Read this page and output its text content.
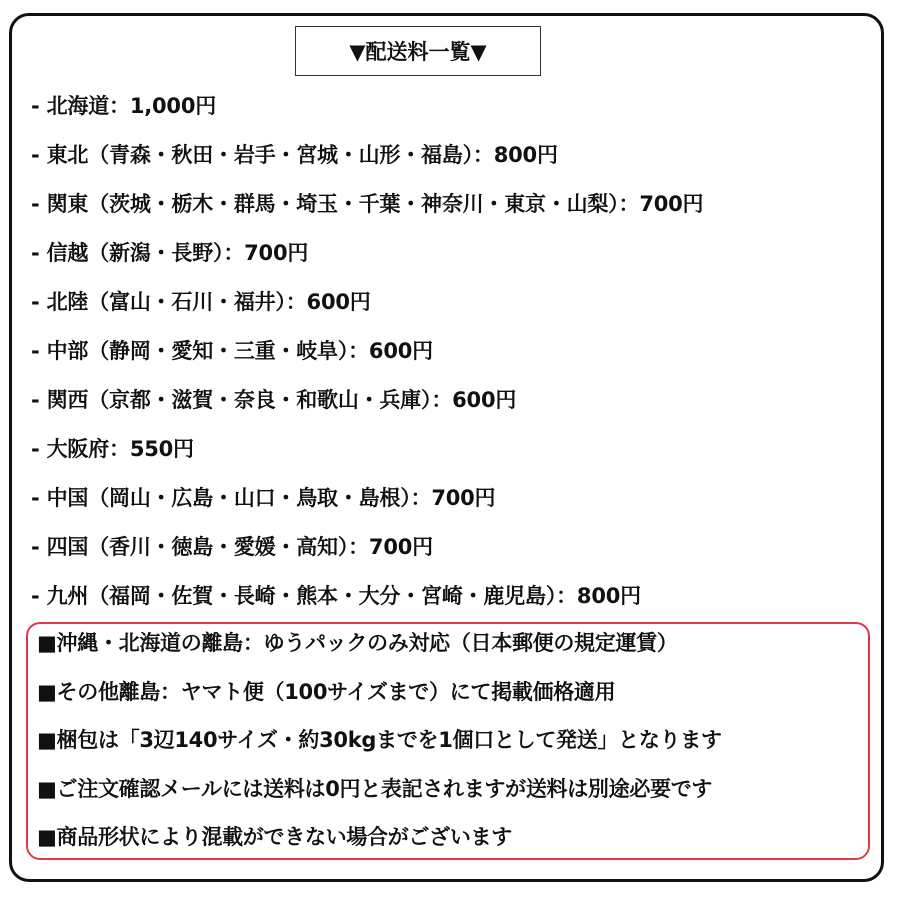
▼配送料一覧▼
- 北海道：1,000円
- 東北（青森・秋田・岩手・宮城・山形・福島）：800円
- 関東（茨城・栃木・群馬・埼玉・千葉・神奈川・東京・山梨）：700円
- 信越（新潟・長野）：700円
- 北陸（富山・石川・福井）：600円
- 中部（静岡・愛知・三重・岐阜）：600円
- 関西（京都・滋賀・奈良・和歌山・兵庫）：600円
- 大阪府：550円
- 中国（岡山・広島・山口・鳥取・島根）：700円
- 四国（香川・徳島・愛媛・高知）：700円
- 九州（福岡・佐賀・長崎・熊本・大分・宮崎・鹿児島）：800円
■沖縄・北海道の離島：ゆうパックのみ対応（日本郵便の規定運賃）
■その他離島：ヤマト便（100サイズまで）にて掲載価格適用
■梱包は「3辺140サイズ・約30kgまでを1個口として発送」となります
■ご注文確認メールには送料は0円と表記されますが送料は別途必要です
■商品形状により混載ができない場合がございます
